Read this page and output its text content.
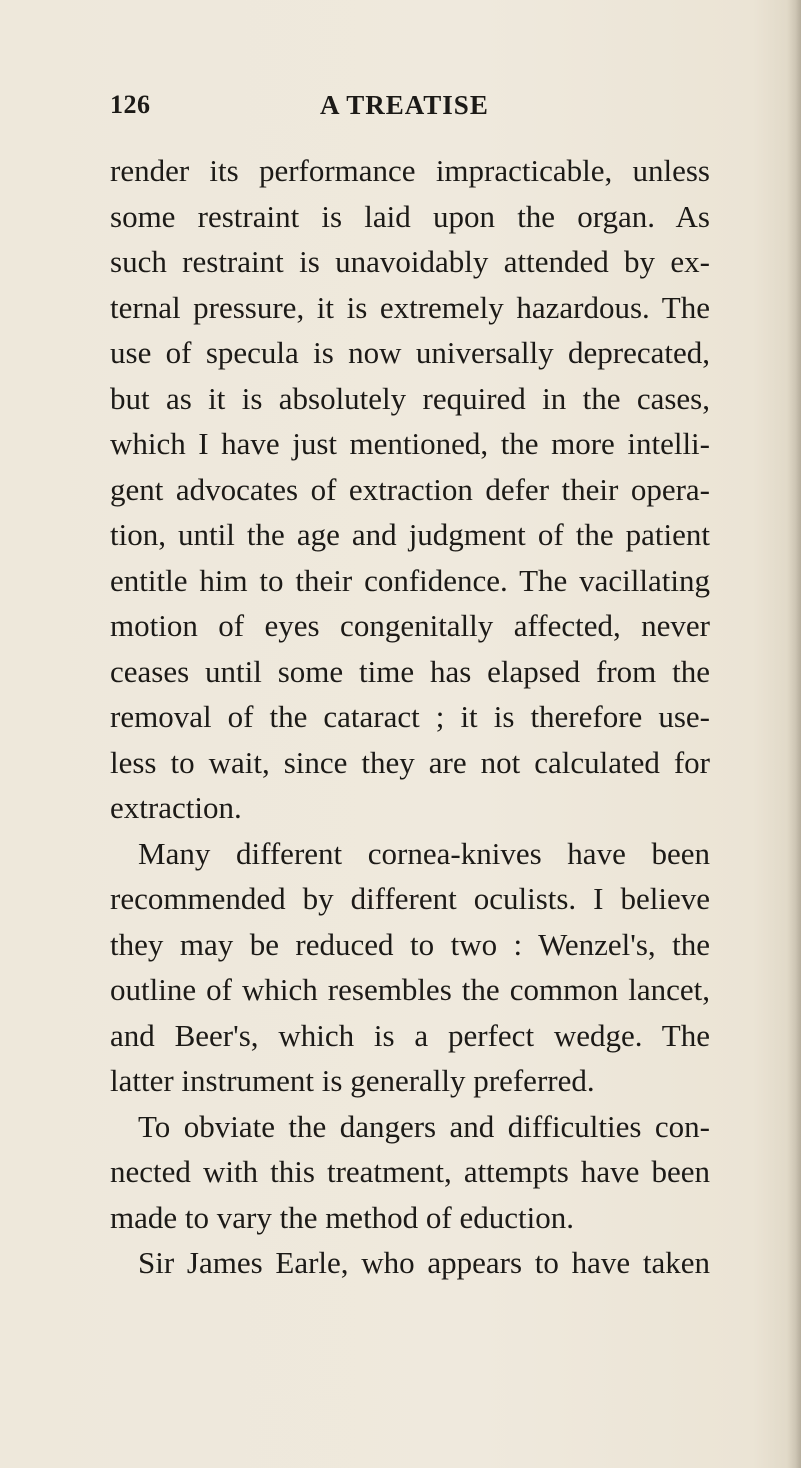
126	A TREATISE
render its performance impracticable, unless
some restraint is laid upon the organ. As
such restraint is unavoidably attended by ex-
ternal pressure, it is extremely hazardous. The
use of specula is now universally deprecated,
but as it is absolutely required in the cases,
which I have just mentioned, the more intelli-
gent advocates of extraction defer their opera-
tion, until the age and judgment of the patient
entitle him to their confidence. The vacillating
motion of eyes congenitally affected, never
ceases until some time has elapsed from the
removal of the cataract ; it is therefore use-
less to wait, since they are not calculated for
extraction.
Many different cornea-knives have been
recommended by different oculists. I believe
they may be reduced to two : Wenzel's, the
outline of which resembles the common lancet,
and Beer's, which is a perfect wedge. The
latter instrument is generally preferred.
To obviate the dangers and difficulties con-
nected with this treatment, attempts have been
made to vary the method of eduction.
Sir James Earle, who appears to have taken
